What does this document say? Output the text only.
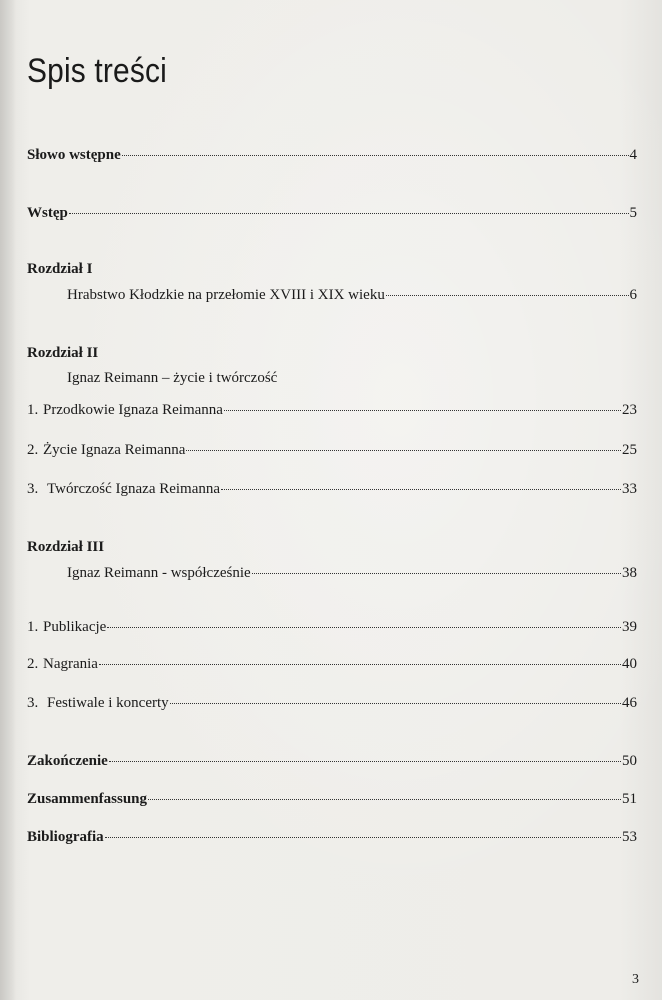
Spis treści
Słowo wstępne	4
Wstęp	5
Rozdział I
Hrabstwo Kłodzkie na przełomie XVIII i XIX wieku	6
Rozdział II
Ignaz Reimann – życie i twórczość
1. Przodkowie Ignaza Reimanna	23
2. Życie Ignaza Reimanna	25
3. Twórczość Ignaza Reimanna	33
Rozdział III
Ignaz Reimann - współcześnie	38
1. Publikacje	39
2. Nagrania	40
3. Festiwale i koncerty	46
Zakończenie	50
Zusammenfassung	51
Bibliografia	53
3
